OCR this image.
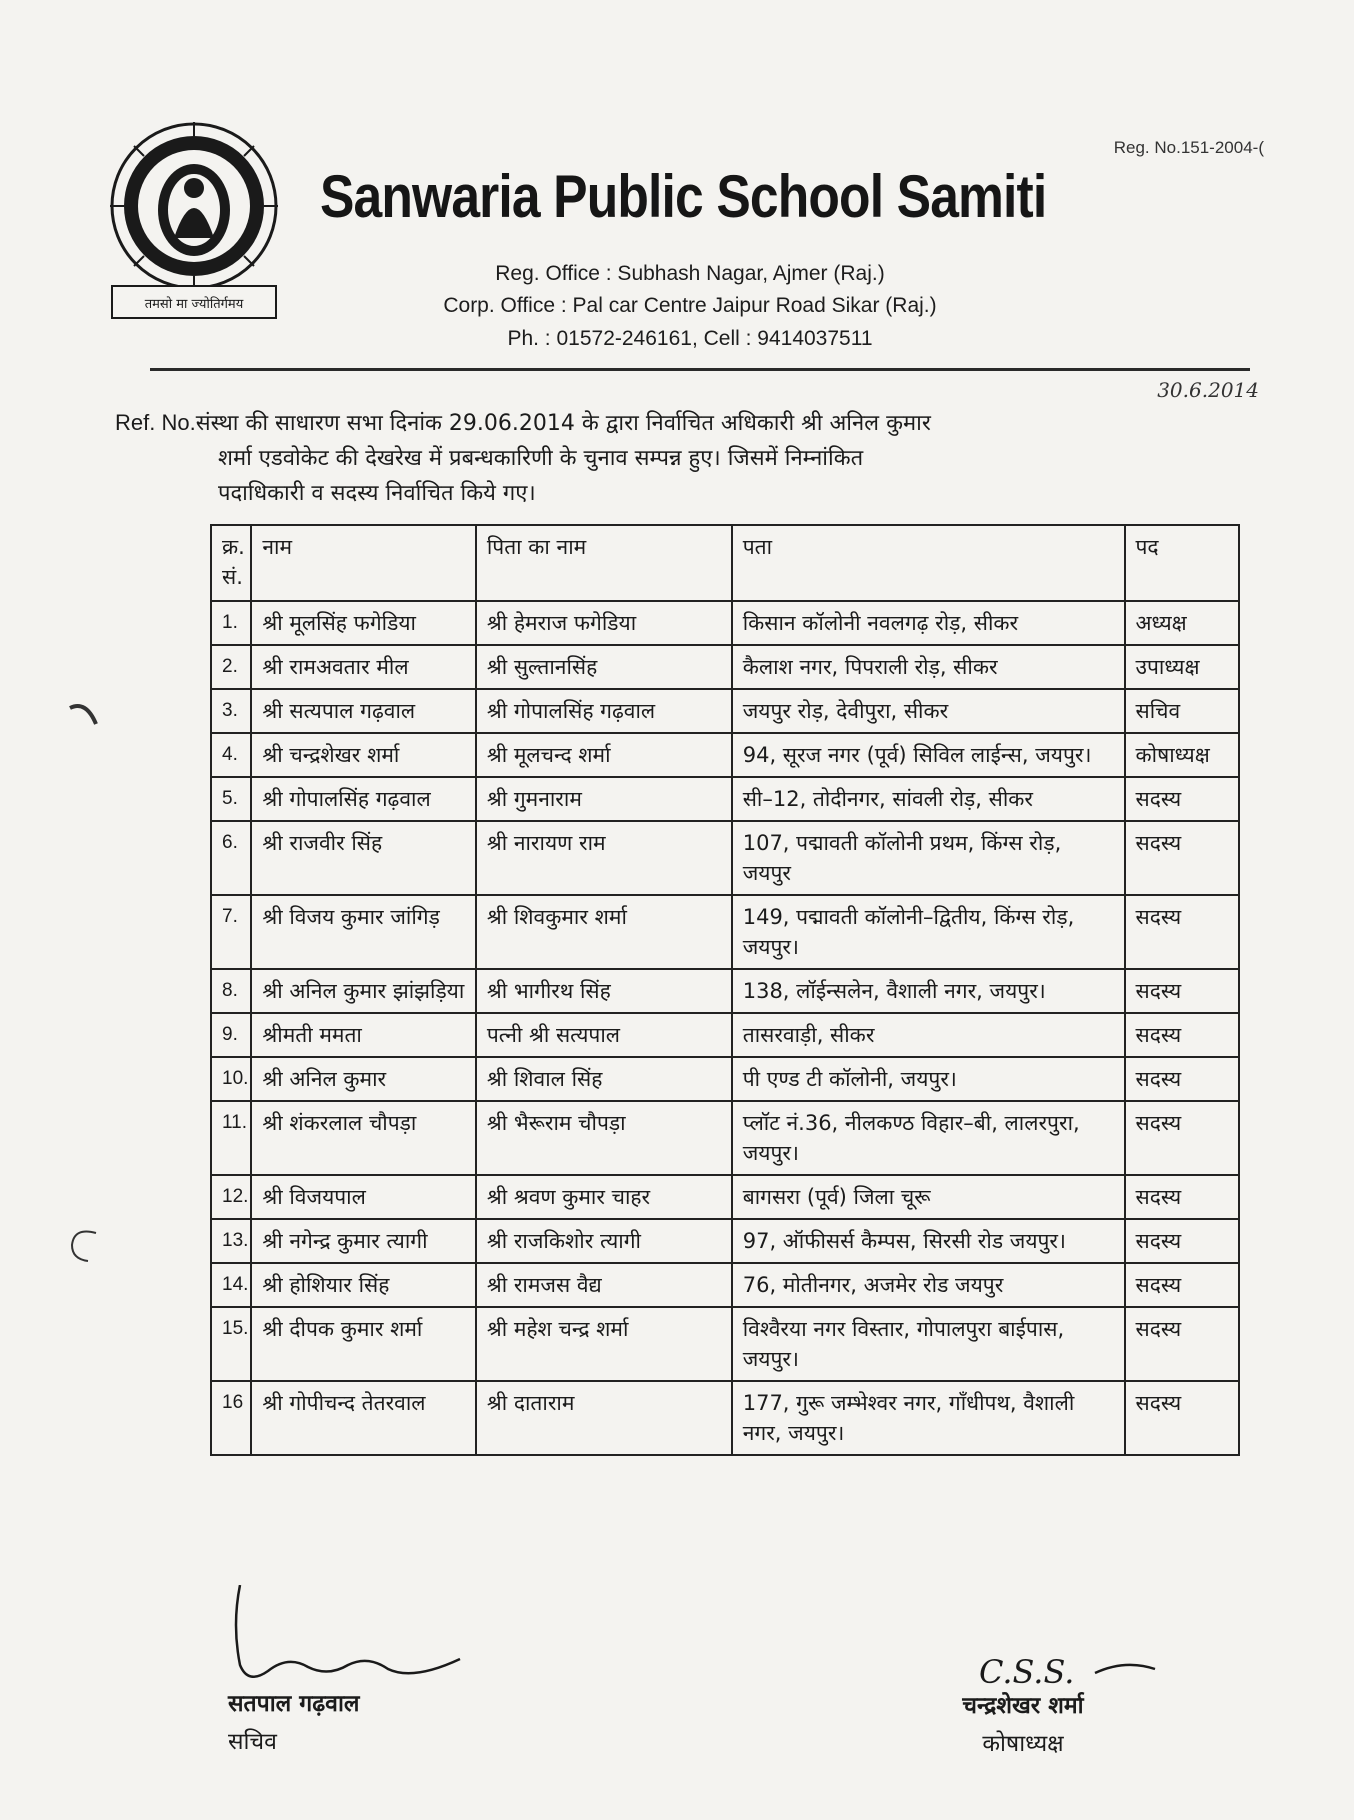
Reg. No.151-2004-(
तमसो मा ज्योतिर्गमय
Sanwaria Public School Samiti
Reg. Office : Subhash Nagar, Ajmer (Raj.)
Corp. Office : Pal car Centre Jaipur Road Sikar (Raj.)
Ph. : 01572-246161, Cell : 9414037511
30.6.2014
Ref. No.संस्था की साधारण सभा दिनांक 29.06.2014 के द्वारा निर्वाचित अधिकारी श्री अनिल कुमार
शर्मा एडवोकेट की देखरेख में प्रबन्धकारिणी के चुनाव सम्पन्न हुए। जिसमें निम्नांकित
पदाधिकारी व सदस्य निर्वाचित किये गए।
क्र. सं.	नाम	पिता का नाम	पता	पद
1.	श्री मूलसिंह फगेडिया	श्री हेमराज फगेडिया	किसान कॉलोनी नवलगढ़ रोड़, सीकर	अध्यक्ष
2.	श्री रामअवतार मील	श्री सुल्तानसिंह	कैलाश नगर, पिपराली रोड़, सीकर	उपाध्यक्ष
3.	श्री सत्यपाल गढ़वाल	श्री गोपालसिंह गढ़वाल	जयपुर रोड़, देवीपुरा, सीकर	सचिव
4.	श्री चन्द्रशेखर शर्मा	श्री मूलचन्द शर्मा	94, सूरज नगर (पूर्व) सिविल लाईन्स, जयपुर।	कोषाध्यक्ष
5.	श्री गोपालसिंह गढ़वाल	श्री गुमनाराम	सी–12, तोदीनगर, सांवली रोड़, सीकर	सदस्य
6.	श्री राजवीर सिंह	श्री नारायण राम	107, पद्मावती कॉलोनी प्रथम, किंग्स रोड़, जयपुर	सदस्य
7.	श्री विजय कुमार जांगिड़	श्री शिवकुमार शर्मा	149, पद्मावती कॉलोनी–द्वितीय, किंग्स रोड़, जयपुर।	सदस्य
8.	श्री अनिल कुमार झांझड़िया	श्री भागीरथ सिंह	138, लॉईन्सलेन, वैशाली नगर, जयपुर।	सदस्य
9.	श्रीमती ममता	पत्नी श्री सत्यपाल	तासरवाड़ी, सीकर	सदस्य
10.	श्री अनिल कुमार	श्री शिवाल सिंह	पी एण्ड टी कॉलोनी, जयपुर।	सदस्य
11.	श्री शंकरलाल चौपड़ा	श्री भैरूराम चौपड़ा	प्लॉट नं.36, नीलकण्ठ विहार–बी, लालरपुरा, जयपुर।	सदस्य
12.	श्री विजयपाल	श्री श्रवण कुमार चाहर	बागसरा (पूर्व) जिला चूरू	सदस्य
13.	श्री नगेन्द्र कुमार त्यागी	श्री राजकिशोर त्यागी	97, ऑफीसर्स कैम्पस, सिरसी रोड जयपुर।	सदस्य
14.	श्री होशियार सिंह	श्री रामजस वैद्य	76, मोतीनगर, अजमेर रोड जयपुर	सदस्य
15.	श्री दीपक कुमार शर्मा	श्री महेश चन्द्र शर्मा	विश्वैरया नगर विस्तार, गोपालपुरा बाईपास, जयपुर।	सदस्य
16	श्री गोपीचन्द तेतरवाल	श्री दाताराम	177, गुरू जम्भेश्वर नगर, गाँधीपथ, वैशाली नगर, जयपुर।	सदस्य
सतपाल गढ़वाल
सचिव
C.S.S.
चन्द्रशेखर शर्मा
कोषाध्यक्ष
